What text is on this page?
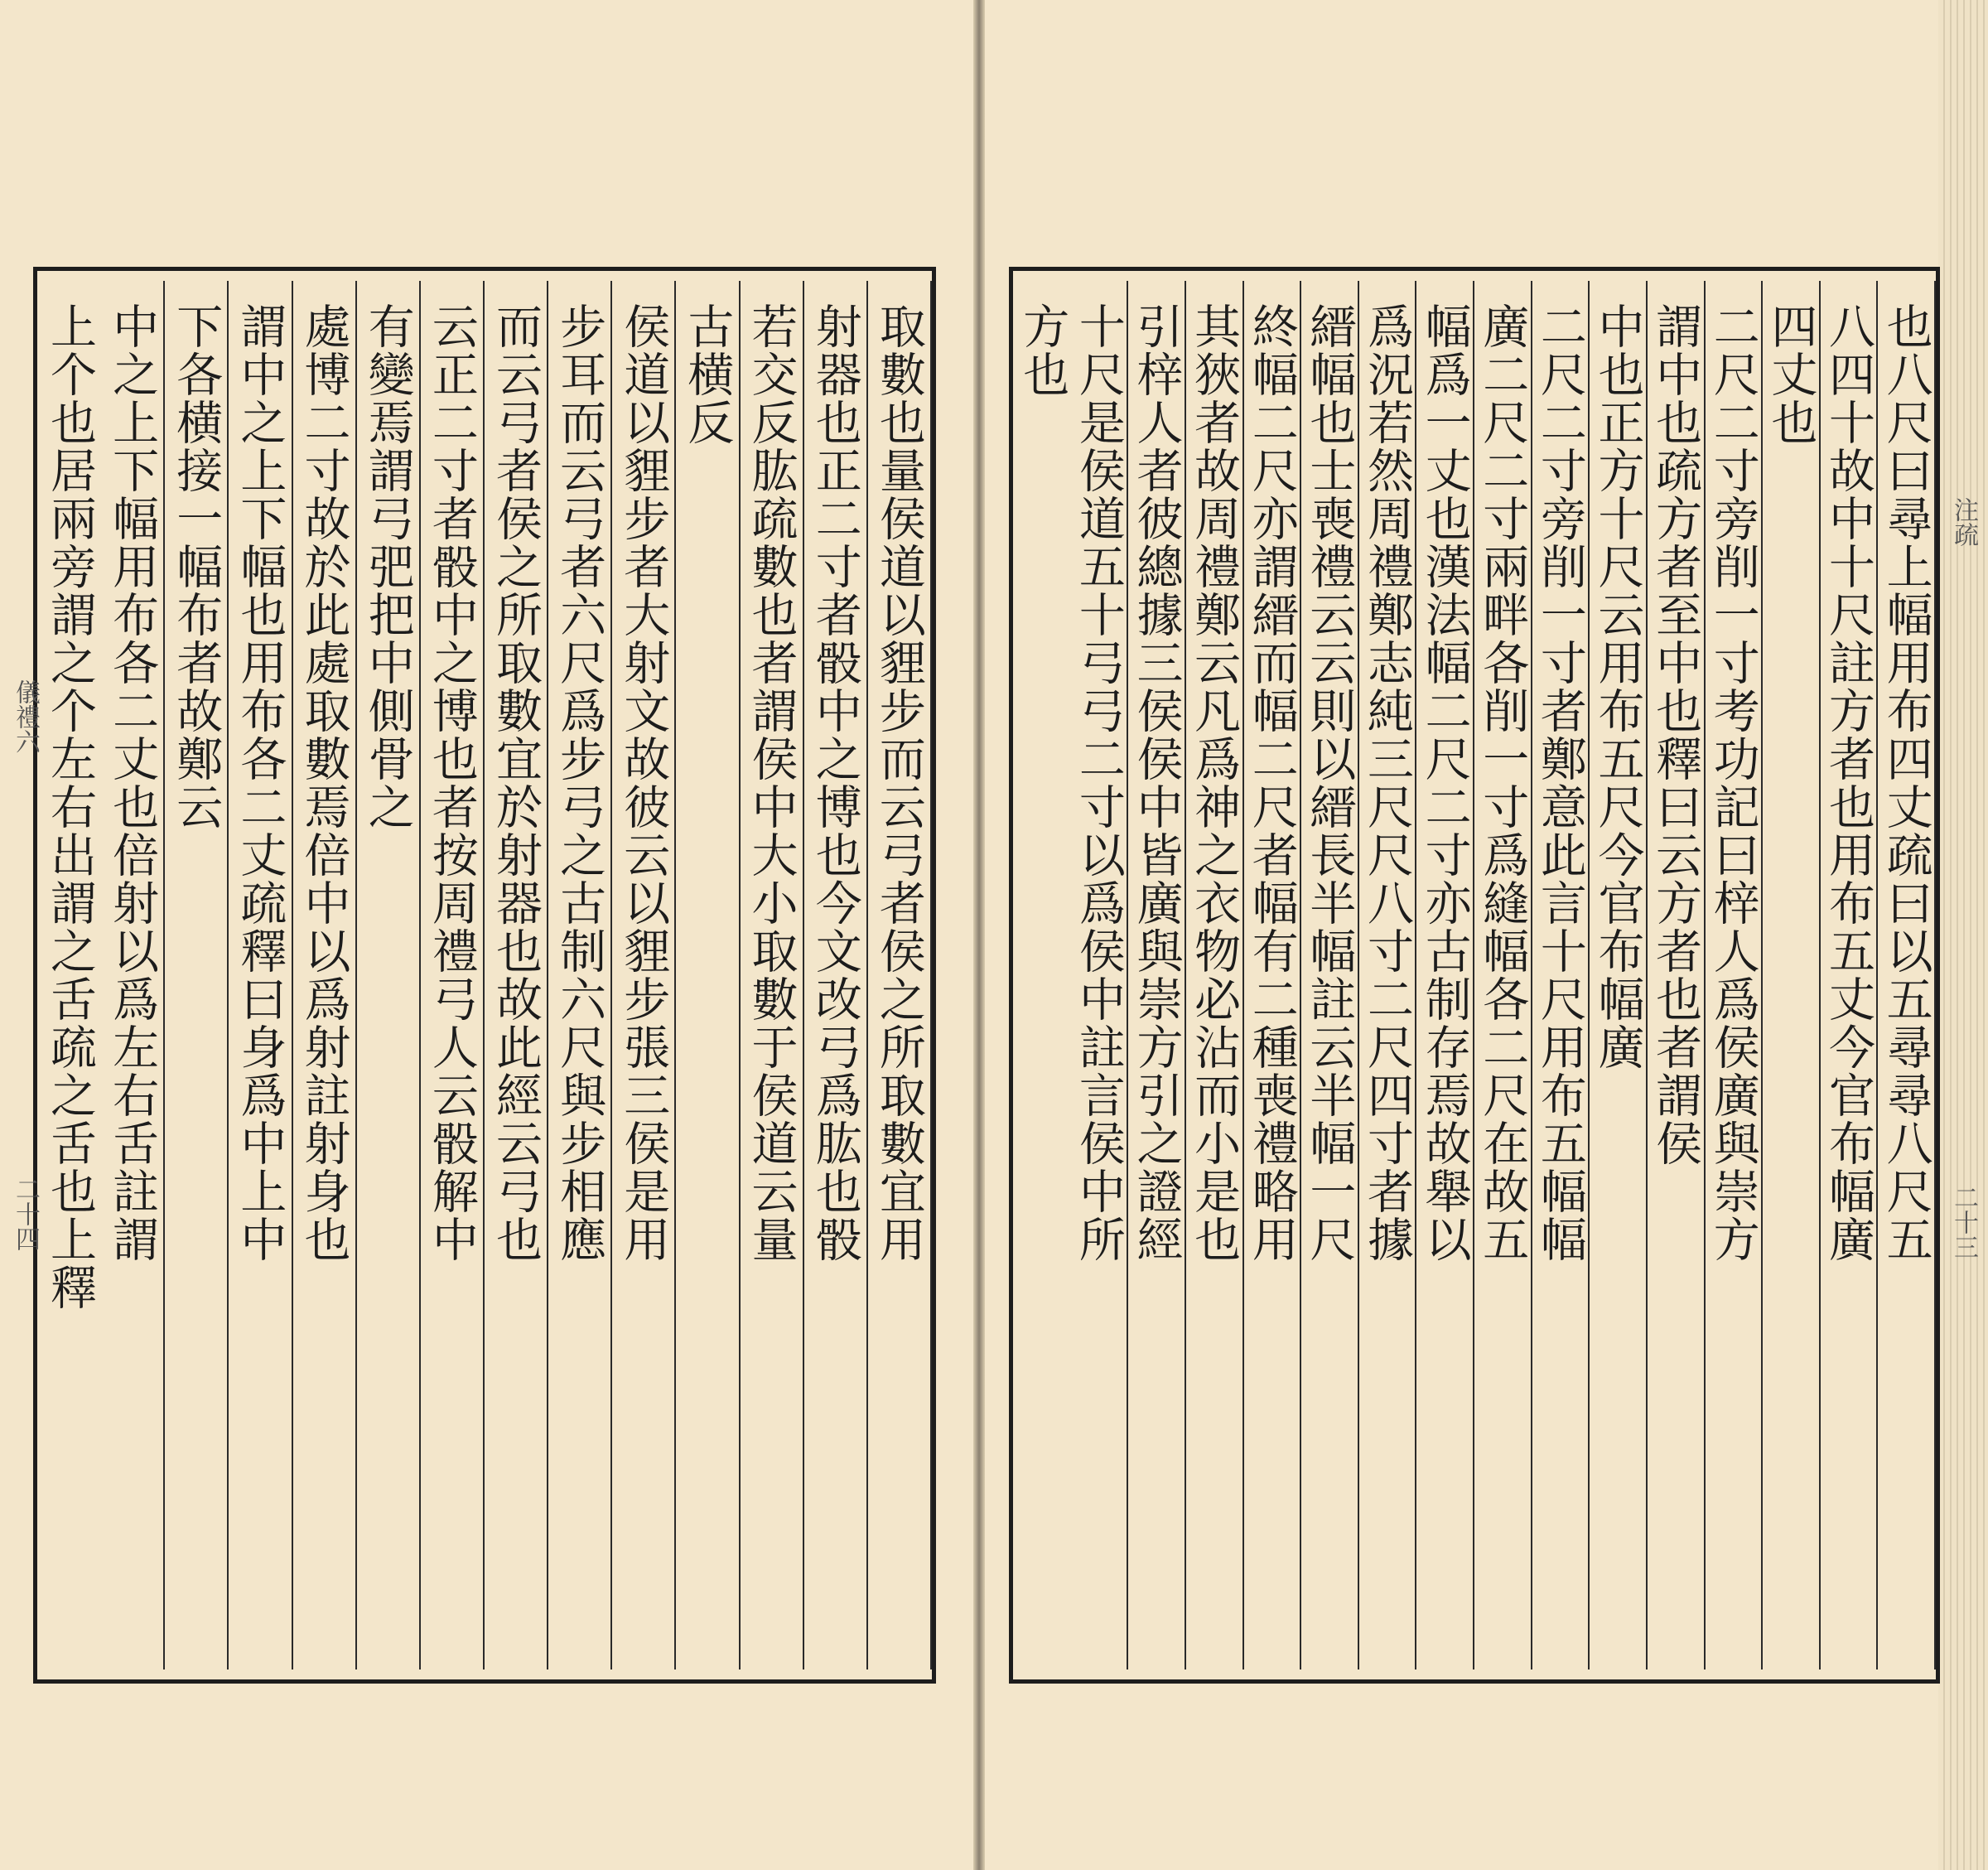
取數也量侯道以貍步而云弓者侯之所取數宜用
射器也正二寸者骰中之博也今文改弓爲肱也骰
若交反肱疏數也者謂侯中大小取數于侯道云量
古横反
侯道以貍步者大射文故彼云以貍步張三侯是用
步耳而云弓者六尺爲步弓之古制六尺與步相應
而云弓者侯之所取數宜於射器也故此經云弓也
云正二寸者骰中之博也者按周禮弓人云骰解中
有變焉謂弓弝把中側骨之
處博二寸故於此處取數焉倍中以爲射註射身也
謂中之上下幅也用布各二丈疏釋曰身爲中上中
下各横接一幅布者故鄭云
中之上下幅用布各二丈也倍射以爲左右舌註謂
上个也居兩旁謂之个左右出謂之舌疏之舌也上釋	也八尺曰尋上幅用布四丈疏曰以五尋尋八尺五
八四十故中十尺註方者也用布五丈今官布幅廣
四丈也
二尺二寸旁削一寸考功記曰梓人爲侯廣與崇方
謂中也疏方者至中也釋曰云方者也者謂侯
中也正方十尺云用布五尺今官布幅廣
二尺二寸旁削一寸者鄭意此言十尺用布五幅幅
廣二尺二寸兩畔各削一寸爲縫幅各二尺在故五
幅爲一丈也漢法幅二尺二寸亦古制存焉故舉以
爲況若然周禮鄭志純三尺尺八寸二尺四寸者據
縉幅也士喪禮云云則以縉長半幅註云半幅一尺
終幅二尺亦謂縉而幅二尺者幅有二種喪禮略用
其狹者故周禮鄭云凡爲神之衣物必沾而小是也
引梓人者彼總據三侯侯中皆廣與崇方引之證經
十尺是侯道五十弓弓二寸以爲侯中註言侯中所
方也
儀禮六
二十四
注疏
二十三
